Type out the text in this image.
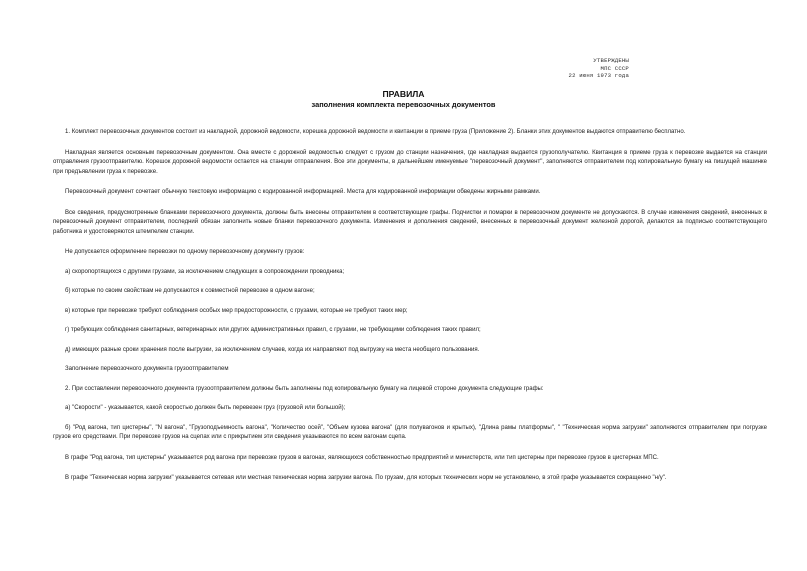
УТВЕРЖДЕНЫ
МПС СССР
22 июня 1973 года
ПРАВИЛА
заполнения комплекта перевозочных документов

1. Комплект перевозочных документов состоит из накладной, дорожной ведомости, корешка дорожной ведомости и квитанции в приеме груза (Приложение 2). Бланки этих документов выдаются отправителю бесплатно.

Накладная является основным перевозочным документом. Она вместе с дорожной ведомостью следует с грузом до станции назначения, где накладная выдается грузополучателю. Квитанция в приеме груза к перевозке выдается на станции отправления грузоотправителю. Корешок дорожной ведомости остается на станции отправления. Все эти документы, в дальнейшем именуемые "перевозочный документ", заполняются отправителем под копировальную бумагу на пишущей машинке при предъявлении груза к перевозке.

Перевозочный документ сочетает обычную текстовую информацию с кодированной информацией. Места для кодированной информации обведены жирными рамками.

Все сведения, предусмотренные бланками перевозочного документа, должны быть внесены отправителем в соответствующие графы. Подчистки и помарки в перевозочном документе не допускаются. В случае изменения сведений, внесенных в перевозочный документ отправителем, последний обязан заполнить новые бланки перевозочного документа. Изменения и дополнения сведений, внесенных в перевозочный документ железной дорогой, делаются за подписью соответствующего работника и удостоверяются штемпелем станции.

Не допускается оформление перевозки по одному перевозочному документу грузов:

а) скоропортящихся с другими грузами, за исключением следующих в сопровождении проводника;

б) которые по своим свойствам не допускаются к совместной перевозке в одном вагоне;

в) которые при перевозке требуют соблюдения особых мер предосторожности, с грузами, которые не требуют таких мер;

г) требующих соблюдения санитарных, ветеринарных или других административных правил, с грузами, не требующими соблюдения таких правил;

д) имеющих разные сроки хранения после выгрузки, за исключением случаев, когда их направляют под выгрузку на места необщего пользования.

Заполнение перевозочного документа грузоотправителем

2. При составлении перевозочного документа грузоотправителем должны быть заполнены под копировальную бумагу на лицевой стороне документа следующие графы:

а) "Скорости" - указывается, какой скоростью должен быть перевезен груз (грузовой или большой);

б) "Род вагона, тип цистерны", "N вагона", "Грузоподъемность вагона", "Количество осей", "Объем кузова вагона" (для полувагонов и крытых), "Длина рамы платформы", " "Техническая норма загрузки" заполняются отправителем при погрузке грузов его средствами. При перевозке грузов на сцепах или с прикрытием эти сведения указываются по всем вагонам сцепа.

В графе "Род вагона, тип цистерны" указывается род вагона при перевозке грузов в вагонах, являющихся собственностью предприятий и министерств, или тип цистерны при перевозке грузов в цистернах МПС.

В графе "Техническая норма загрузки" указывается сетевая или местная техническая норма загрузки вагона. По грузам, для которых технических норм не установлено, в этой графе указывается сокращенно "н/у".
